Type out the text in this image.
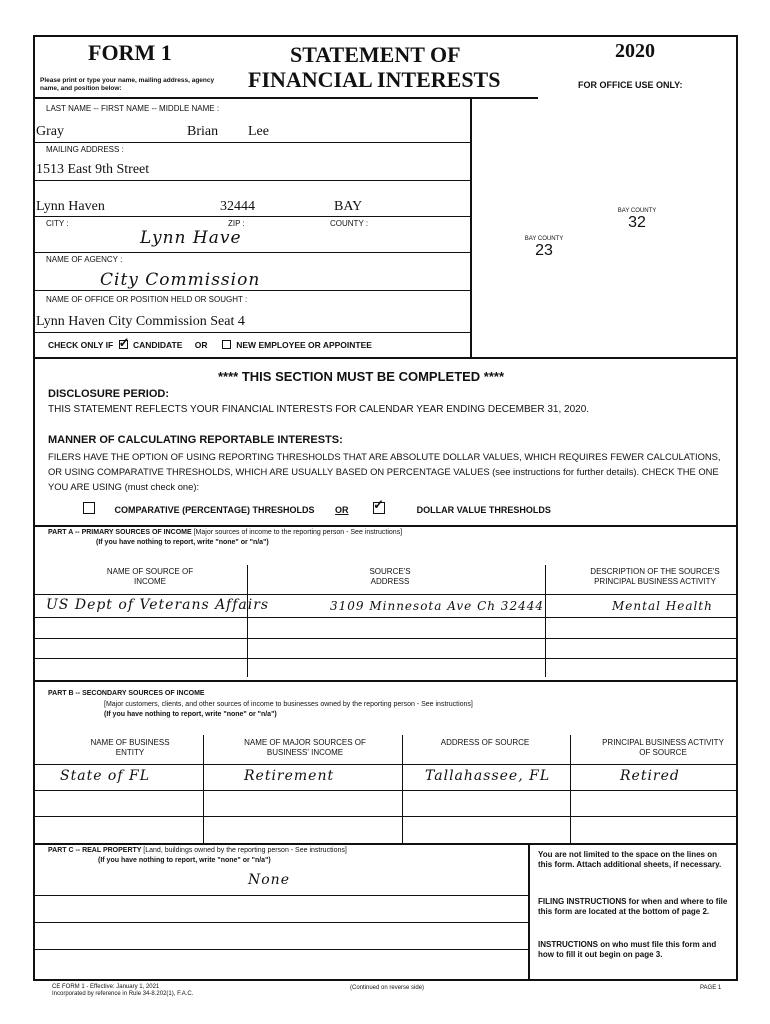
FORM 1	STATEMENT OF
FINANCIAL INTERESTS
2020
Please print or type your name, mailing address, agency name, and position below:	FOR OFFICE USE ONLY:
LAST NAME -- FIRST NAME -- MIDDLE NAME :
Gray	Brian Lee
MAILING ADDRESS :
1513 East 9th Street
Lynn Haven	32444	BAY
CITY :	ZIP :	COUNTY :
Lynn Have
NAME OF AGENCY :
City Commission
NAME OF OFFICE OR POSITION HELD OR SOUGHT :
Lynn Haven City Commission Seat 4
CHECK ONLY IF ✓ CANDIDATE OR	NEW EMPLOYEE OR APPOINTEE
BAY COUNTY
32
BAY COUNTY
23
**** THIS SECTION MUST BE COMPLETED ****
DISCLOSURE PERIOD:
THIS STATEMENT REFLECTS YOUR FINANCIAL INTERESTS FOR CALENDAR YEAR ENDING DECEMBER 31, 2020.
MANNER OF CALCULATING REPORTABLE INTERESTS:
FILERS HAVE THE OPTION OF USING REPORTING THRESHOLDS THAT ARE ABSOLUTE DOLLAR VALUES, WHICH REQUIRES FEWER CALCULATIONS, OR USING COMPARATIVE THRESHOLDS, WHICH ARE USUALLY BASED ON PERCENTAGE VALUES (see instructions for further details). CHECK THE ONE YOU ARE USING (must check one):
COMPARATIVE (PERCENTAGE) THRESHOLDS OR ✓	DOLLAR VALUE THRESHOLDS
PART A -- PRIMARY SOURCES OF INCOME [Major sources of income to the reporting person - See instructions]
(If you have nothing to report, write "none" or "n/a")
NAME OF SOURCE OF INCOME
SOURCE'S ADDRESS
DESCRIPTION OF THE SOURCE'S PRINCIPAL BUSINESS ACTIVITY
US Dept of Veterans Affairs	3109 Minnesota Ave Ch 32444	Mental Health
PART B -- SECONDARY SOURCES OF INCOME
[Major customers, clients, and other sources of income to businesses owned by the reporting person - See instructions]
(If you have nothing to report, write "none" or "n/a")
NAME OF BUSINESS ENTITY
NAME OF MAJOR SOURCES OF BUSINESS' INCOME
ADDRESS OF SOURCE	PRINCIPAL BUSINESS ACTIVITY OF SOURCE
State of FL	Retirement	Tallahassee, FL	Retired
PART C -- REAL PROPERTY [Land, buildings owned by the reporting person - See instructions]
(If you have nothing to report, write "none" or "n/a")
None
You are not limited to the space on the lines on this form. Attach additional sheets, if necessary.
FILING INSTRUCTIONS for when and where to file this form are located at the bottom of page 2.
INSTRUCTIONS on who must file this form and how to fill it out begin on page 3.
CE FORM 1 - Effective: January 1, 2021
Incorporated by reference in Rule 34-8.202(1), F.A.C.
(Continued on reverse side)	PAGE 1
